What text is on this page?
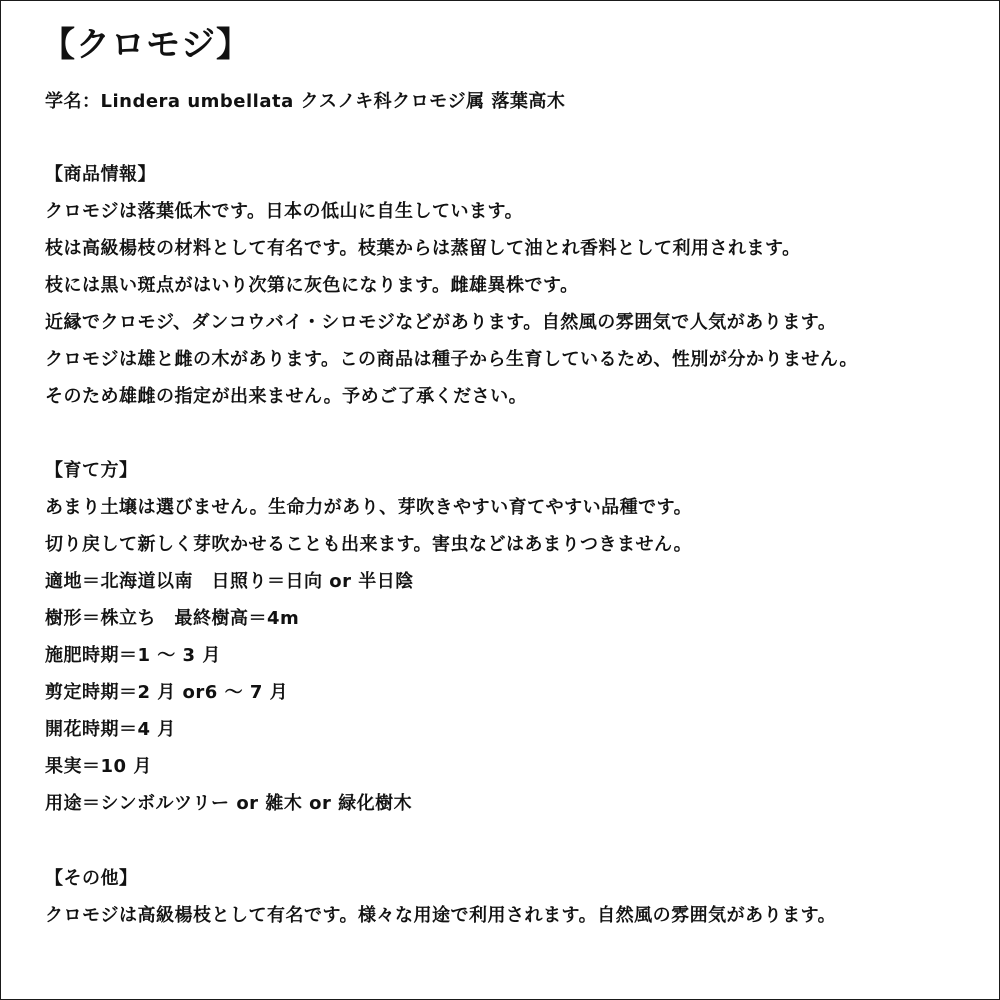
【クロモジ】
学名：Lindera umbellata クスノキ科クロモジ属 落葉高木
【商品情報】
クロモジは落葉低木です。日本の低山に自生しています。
枝は高級楊枝の材料として有名です。枝葉からは蒸留して油とれ香料として利用されます。
枝には黒い斑点がはいり次第に灰色になります。雌雄異株です。
近縁でクロモジ、ダンコウバイ・シロモジなどがあります。自然風の雰囲気で人気があります。
クロモジは雄と雌の木があります。この商品は種子から生育しているため、性別が分かりません。
そのため雄雌の指定が出来ません。予めご了承ください。
【育て方】
あまり土壌は選びません。生命力があり、芽吹きやすい育てやすい品種です。
切り戻して新しく芽吹かせることも出来ます。害虫などはあまりつきません。
適地＝北海道以南　日照り＝日向 or 半日陰
樹形＝株立ち　最終樹高＝4m
施肥時期＝1 ～ 3 月
剪定時期＝2 月 or6 ～ 7 月
開花時期＝4 月
果実＝10 月
用途＝シンボルツリー or 雑木 or 緑化樹木
【その他】
クロモジは高級楊枝として有名です。様々な用途で利用されます。自然風の雰囲気があります。
